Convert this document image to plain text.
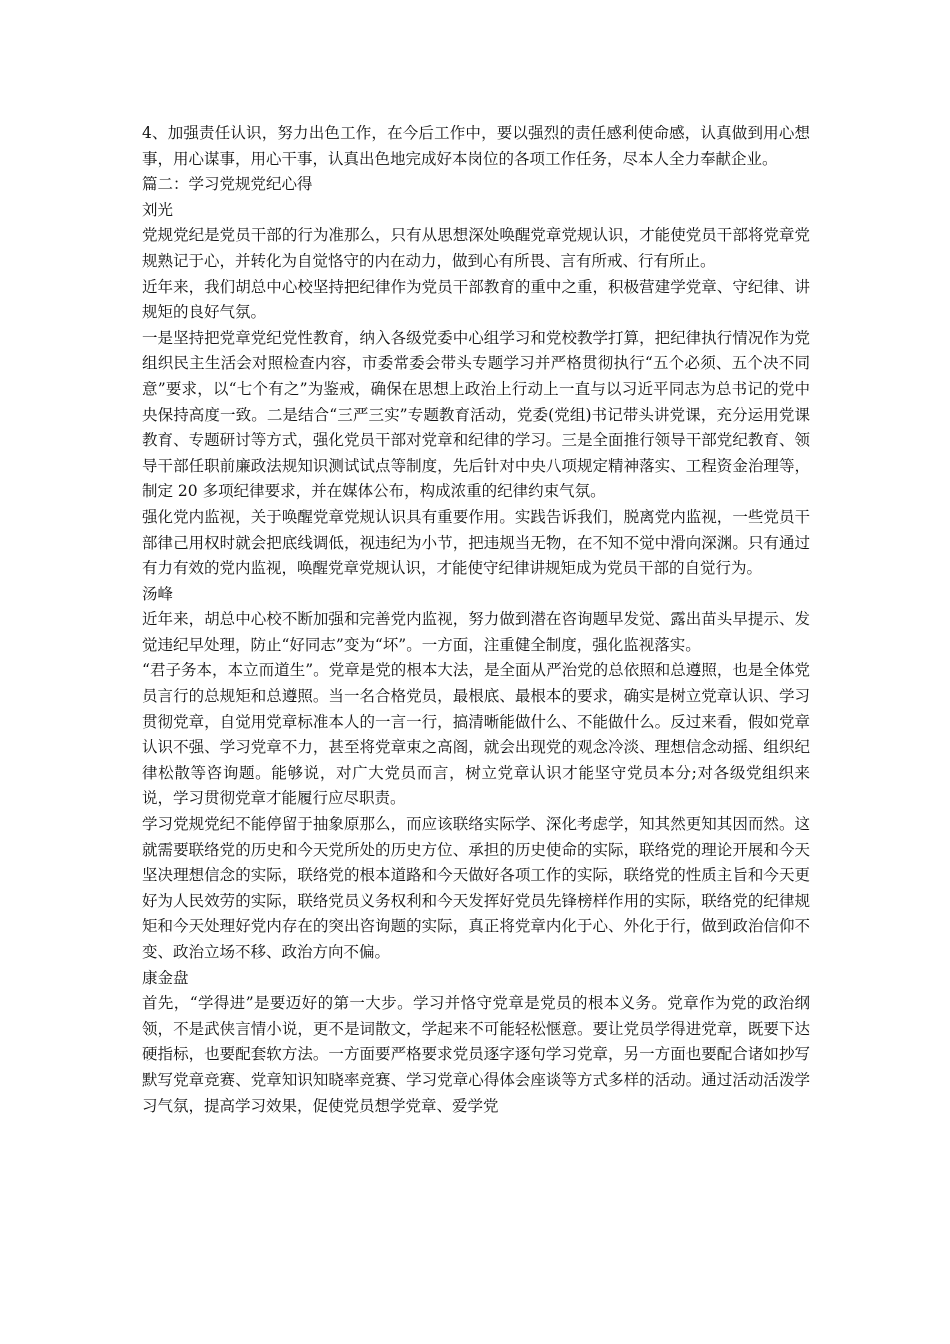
4、加强责任认识，努力出色工作，在今后工作中，要以强烈的责任感利使命感，认真做到用心想事，用心谋事，用心干事，认真出色地完成好本岗位的各项工作任务，尽本人全力奉献企业。

篇二：学习党规党纪心得

刘光

党规党纪是党员干部的行为准那么，只有从思想深处唤醒党章党规认识，才能使党员干部将党章党规熟记于心，并转化为自觉恪守的内在动力，做到心有所畏、言有所戒、行有所止。

近年来，我们胡总中心校坚持把纪律作为党员干部教育的重中之重，积极营建学党章、守纪律、讲规矩的良好气氛。

一是坚持把党章党纪党性教育，纳入各级党委中心组学习和党校教学打算，把纪律执行情况作为党组织民主生活会对照检查内容，市委常委会带头专题学习并严格贯彻执行“五个必须、五个决不同意”要求，以“七个有之”为鉴戒，确保在思想上政治上行动上一直与以习近平同志为总书记的党中央保持高度一致。二是结合“三严三实”专题教育活动，党委(党组)书记带头讲党课，充分运用党课教育、专题研讨等方式，强化党员干部对党章和纪律的学习。三是全面推行领导干部党纪教育、领导干部任职前廉政法规知识测试试点等制度，先后针对中央八项规定精神落实、工程资金治理等，制定 20 多项纪律要求，并在媒体公布，构成浓重的纪律约束气氛。

强化党内监视，关于唤醒党章党规认识具有重要作用。实践告诉我们，脱离党内监视，一些党员干部律己用权时就会把底线调低，视违纪为小节，把违规当无物，在不知不觉中滑向深渊。只有通过有力有效的党内监视，唤醒党章党规认识，才能使守纪律讲规矩成为党员干部的自觉行为。

汤峰

近年来，胡总中心校不断加强和完善党内监视，努力做到潜在咨询题早发觉、露出苗头早提示、发觉违纪早处理，防止“好同志”变为“坏”。一方面，注重健全制度，强化监视落实。

“君子务本，本立而道生”。党章是党的根本大法，是全面从严治党的总依照和总遵照，也是全体党员言行的总规矩和总遵照。当一名合格党员，最根底、最根本的要求，确实是树立党章认识、学习贯彻党章，自觉用党章标准本人的一言一行，搞清晰能做什么、不能做什么。反过来看，假如党章认识不强、学习党章不力，甚至将党章束之高阁，就会出现党的观念冷淡、理想信念动摇、组织纪律松散等咨询题。能够说，对广大党员而言，树立党章认识才能坚守党员本分;对各级党组织来说，学习贯彻党章才能履行应尽职责。

学习党规党纪不能停留于抽象原那么，而应该联络实际学、深化考虑学，知其然更知其因而然。这就需要联络党的历史和今天党所处的历史方位、承担的历史使命的实际，联络党的理论开展和今天坚决理想信念的实际，联络党的根本道路和今天做好各项工作的实际，联络党的性质主旨和今天更好为人民效劳的实际，联络党员义务权利和今天发挥好党员先锋榜样作用的实际，联络党的纪律规矩和今天处理好党内存在的突出咨询题的实际，真正将党章内化于心、外化于行，做到政治信仰不变、政治立场不移、政治方向不偏。

康金盘

首先，“学得进”是要迈好的第一大步。学习并恪守党章是党员的根本义务。党章作为党的政治纲领，不是武侠言情小说，更不是词散文，学起来不可能轻松惬意。要让党员学得进党章，既要下达硬指标，也要配套软方法。一方面要严格要求党员逐字逐句学习党章，另一方面也要配合诸如抄写默写党章竞赛、党章知识知晓率竞赛、学习党章心得体会座谈等方式多样的活动。通过活动活泼学习气氛，提高学习效果，促使党员想学党章、爱学党
